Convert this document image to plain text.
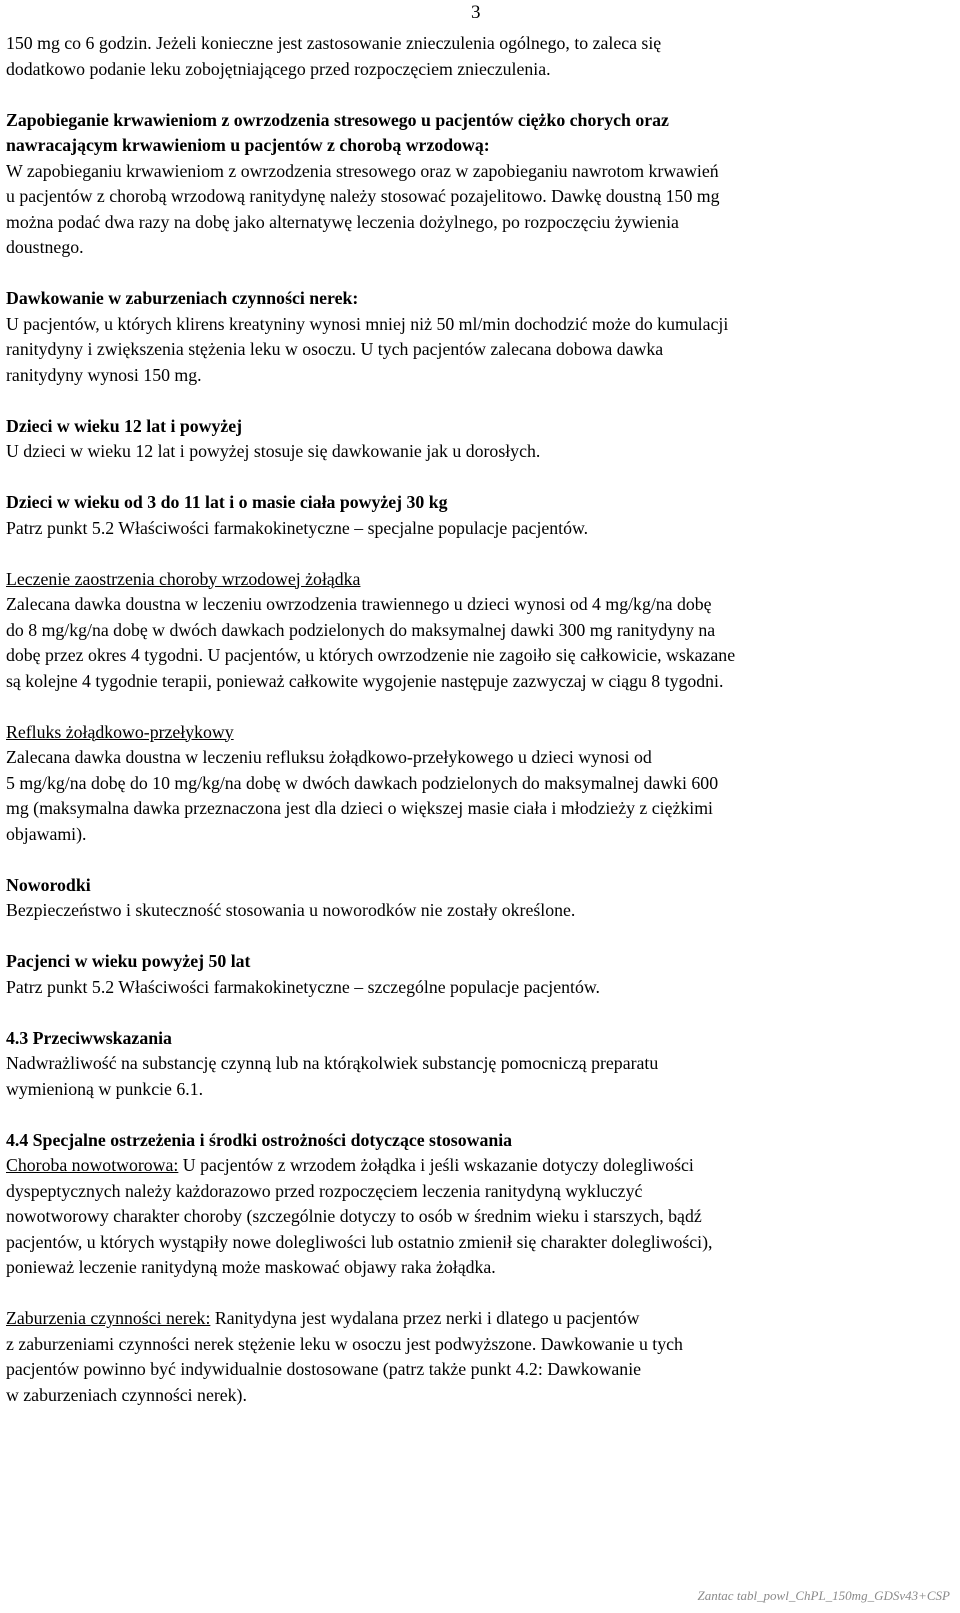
3

150 mg co 6 godzin. Jeżeli konieczne jest zastosowanie znieczulenia ogólnego, to zaleca się
dodatkowo podanie leku zobojętniającego przed rozpoczęciem znieczulenia.

Zapobieganie krwawieniom z owrzodzenia stresowego u pacjentów ciężko chorych oraz
nawracającym krwawieniom u pacjentów z chorobą wrzodową:
W zapobieganiu krwawieniom z owrzodzenia stresowego oraz w zapobieganiu nawrotom krwawień
u pacjentów z chorobą wrzodową ranitydynę należy stosować pozajelitowo. Dawkę doustną 150 mg
można podać dwa razy na dobę jako alternatywę leczenia dożylnego, po rozpoczęciu żywienia
doustnego.

Dawkowanie w zaburzeniach czynności nerek:
U pacjentów, u których klirens kreatyniny wynosi mniej niż 50 ml/min dochodzić może do kumulacji
ranitydyny i zwiększenia stężenia leku w osoczu. U tych pacjentów zalecana dobowa dawka
ranitydyny wynosi 150 mg.

Dzieci w wieku 12 lat i powyżej
U dzieci w wieku 12 lat i powyżej stosuje się dawkowanie jak u dorosłych.

Dzieci w wieku od 3 do 11 lat i o masie ciała powyżej 30 kg
Patrz punkt 5.2 Właściwości farmakokinetyczne – specjalne populacje pacjentów.

Leczenie zaostrzenia choroby wrzodowej żołądka
Zalecana dawka doustna w leczeniu owrzodzenia trawiennego u dzieci wynosi od 4 mg/kg/na dobę
do 8 mg/kg/na dobę w dwóch dawkach podzielonych do maksymalnej dawki 300 mg ranitydyny na
dobę przez okres 4 tygodni. U pacjentów, u których owrzodzenie nie zagoiło się całkowicie, wskazane
są kolejne 4 tygodnie terapii, ponieważ całkowite wygojenie następuje zazwyczaj w ciągu 8 tygodni.

Refluks żołądkowo-przełykowy
Zalecana dawka doustna w leczeniu refluksu żołądkowo-przełykowego u dzieci wynosi od
5 mg/kg/na dobę do 10 mg/kg/na dobę w dwóch dawkach podzielonych do maksymalnej dawki 600
mg (maksymalna dawka przeznaczona jest dla dzieci o większej masie ciała i młodzieży z ciężkimi
objawami).

Noworodki
Bezpieczeństwo i skuteczność stosowania u noworodków nie zostały określone.

Pacjenci w wieku powyżej 50 lat
Patrz punkt 5.2 Właściwości farmakokinetyczne – szczególne populacje pacjentów.

4.3 Przeciwwskazania
Nadwrażliwość na substancję czynną lub na którąkolwiek substancję pomocniczą preparatu
wymienioną w punkcie 6.1.

4.4 Specjalne ostrzeżenia i środki ostrożności dotyczące stosowania
Choroba nowotworowa: U pacjentów z wrzodem żołądka i jeśli wskazanie dotyczy dolegliwości
dyspeptycznych należy każdorazowo przed rozpoczęciem leczenia ranitydyną wykluczyć
nowotworowy charakter choroby (szczególnie dotyczy to osób w średnim wieku i starszych, bądź
pacjentów, u których wystąpiły nowe dolegliwości lub ostatnio zmienił się charakter dolegliwości),
ponieważ leczenie ranitydyną może maskować objawy raka żołądka.

Zaburzenia czynności nerek: Ranitydyna jest wydalana przez nerki i dlatego u pacjentów
z zaburzeniami czynności nerek stężenie leku w osoczu jest podwyższone. Dawkowanie u tych
pacjentów powinno być indywidualnie dostosowane (patrz także punkt 4.2: Dawkowanie
w zaburzeniach czynności nerek).

Zantac tabl_powl_ChPL_150mg_GDSv43+CSP
